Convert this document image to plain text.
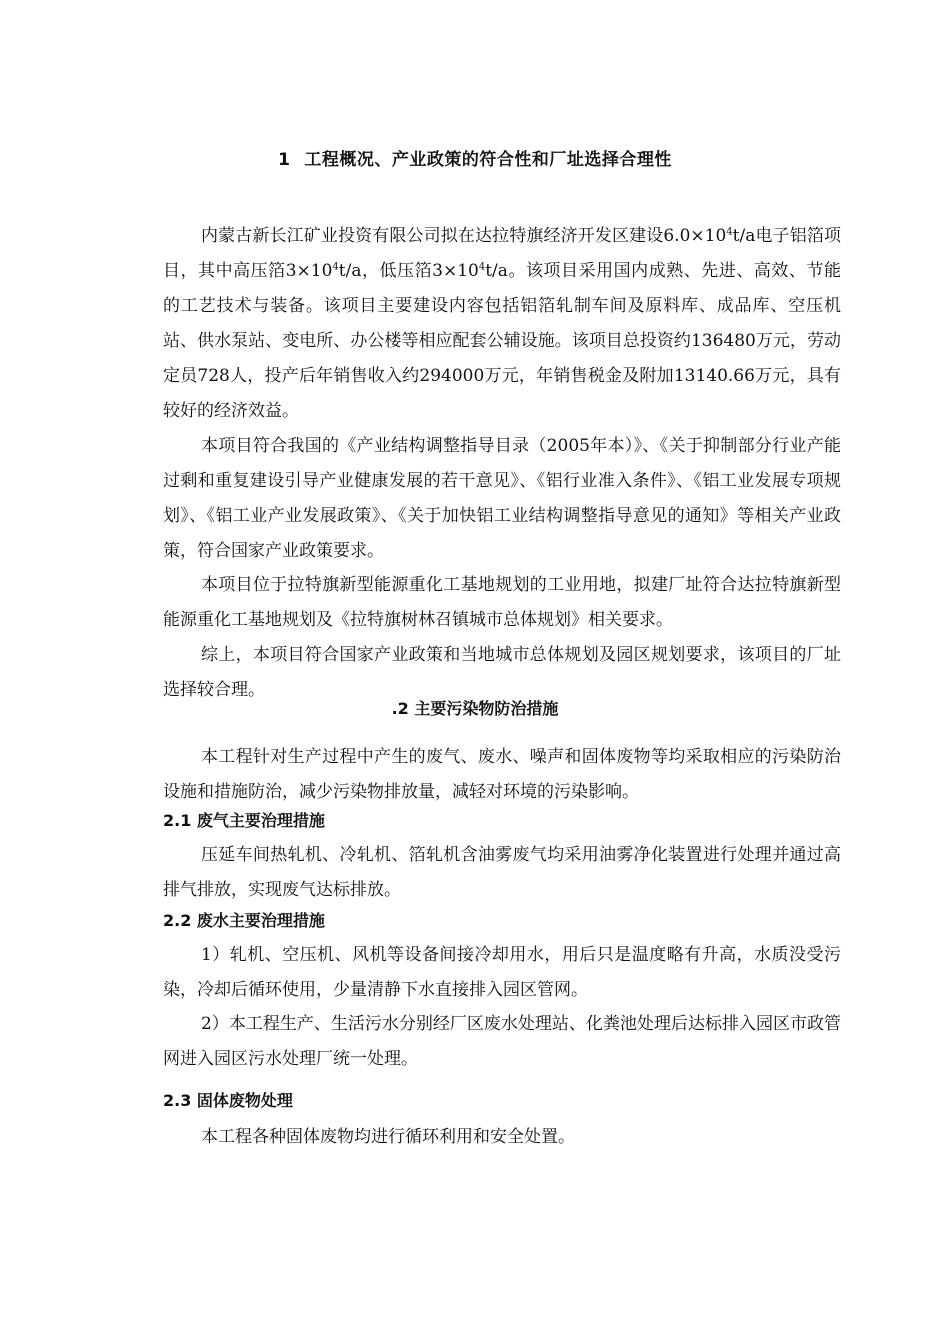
1 工程概况、产业政策的符合性和厂址选择合理性

内蒙古新长江矿业投资有限公司拟在达拉特旗经济开发区建设$6.0\times 10^4t/a$电子铝箔项目，其中高压箔$3\times 10^4t/a$，低压箔$3\times 10^4t/a$。该项目采用国内成熟、先进、高效、节能的工艺技术与装备。该项目主要建设内容包括铝箔轧制车间及原料库、成品库、空压机站、供水泵站、变电所、办公楼等相应配套公辅设施。该项目总投资约136480万元，劳动定员728人，投产后年销售收入约294000万元，年销售税金及附加13140.66万元，具有较好的经济效益。

本项目符合我国的《产业结构调整指导目录（2005年本）》、《关于抑制部分行业产能过剩和重复建设引导产业健康发展的若干意见》、《铝行业准入条件》、《铝工业发展专项规划》、《铝工业产业发展政策》、《关于加快铝工业结构调整指导意见的通知》等相关产业政策，符合国家产业政策要求。

本项目位于拉特旗新型能源重化工基地规划的工业用地，拟建厂址符合达拉特旗新型能源重化工基地规划及《拉特旗树林召镇城市总体规划》相关要求。

综上，本项目符合国家产业政策和当地城市总体规划及园区规划要求，该项目的厂址选择较合理。

.2 主要污染物防治措施

本工程针对生产过程中产生的废气、废水、噪声和固体废物等均采取相应的污染防治设施和措施防治，减少污染物排放量，减轻对环境的污染影响。

2.1 废气主要治理措施

压延车间热轧机、冷轧机、箔轧机含油雾废气均采用油雾净化装置进行处理并通过高排气排放，实现废气达标排放。

2.2 废水主要治理措施

1）轧机、空压机、风机等设备间接冷却用水，用后只是温度略有升高，水质没受污染，冷却后循环使用，少量清静下水直接排入园区管网。

2）本工程生产、生活污水分别经厂区废水处理站、化粪池处理后达标排入园区市政管网进入园区污水处理厂统一处理。

2.3 固体废物处理

本工程各种固体废物均进行循环利用和安全处置。
